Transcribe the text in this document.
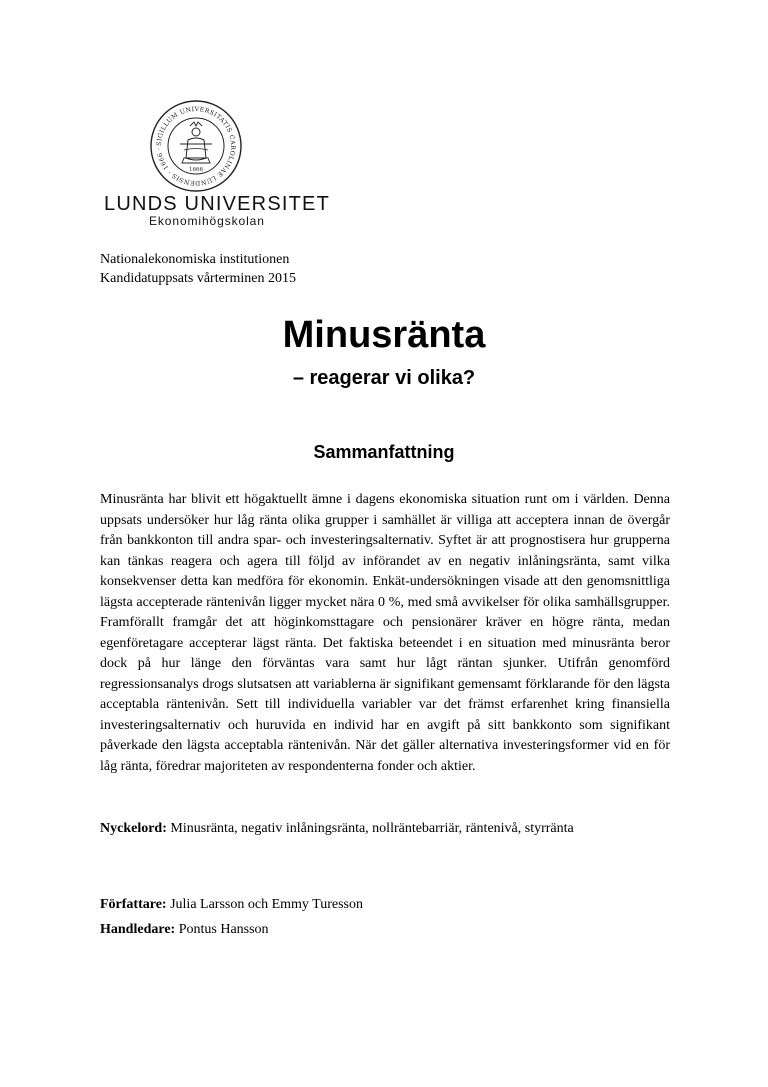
SIGILLUM UNIVERSITATIS CAROLINAE LUNDENSIS · 1666 ·
1666
LUNDS UNIVERSITET
Ekonomihögskolan
Nationalekonomiska institutionen
Kandidatuppsats vårterminen 2015
Minusränta
– reagerar vi olika?
Sammanfattning

Minusränta har blivit ett högaktuellt ämne i dagens ekonomiska situation runt om i världen. Denna uppsats undersöker hur låg ränta olika grupper i samhället är villiga att acceptera innan de övergår från bankkonton till andra spar- och investeringsalternativ. Syftet är att prognostisera hur grupperna kan tänkas reagera och agera till följd av införandet av en negativ inlåningsränta, samt vilka konsekvenser detta kan medföra för ekonomin. Enkät-undersökningen visade att den genomsnittliga lägsta accepterade räntenivån ligger mycket nära 0 %, med små avvikelser för olika samhällsgrupper. Framförallt framgår det att höginkomsttagare och pensionärer kräver en högre ränta, medan egenföretagare accepterar lägst ränta. Det faktiska beteendet i en situation med minusränta beror dock på hur länge den förväntas vara samt hur lågt räntan sjunker. Utifrån genomförd regressionsanalys drogs slutsatsen att variablerna är signifikant gemensamt förklarande för den lägsta acceptabla räntenivån. Sett till individuella variabler var det främst erfarenhet kring finansiella investeringsalternativ och huruvida en individ har en avgift på sitt bankkonto som signifikant påverkade den lägsta acceptabla räntenivån. När det gäller alternativa investeringsformer vid en för låg ränta, föredrar majoriteten av respondenterna fonder och aktier.

Nyckelord: Minusränta, negativ inlåningsränta, nollräntebarriär, räntenivå, styrränta
Författare: Julia Larsson och Emmy Turesson
Handledare: Pontus Hansson
